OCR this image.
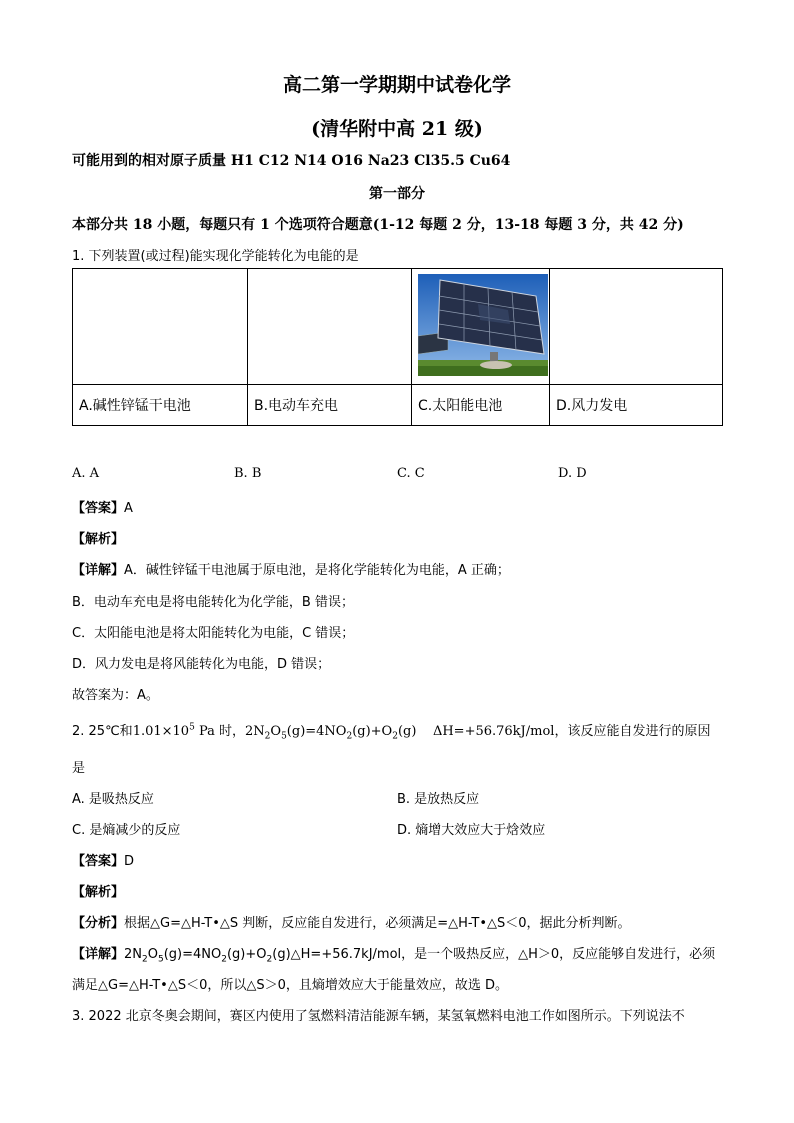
高二第一学期期中试卷化学
(清华附中高 21 级)
可能用到的相对原子质量 H1 C12 N14 O16 Na23 Cl35.5 Cu64
第一部分
本部分共 18 小题，每题只有 1 个选项符合题意(1-12 每题 2 分，13-18 每题 3 分，共 42 分)
1. 下列装置(或过程)能实现化学能转化为电能的是

A.碱性锌锰干电池	B.电动车充电	C.太阳能电池	D.风力发电
A. A	B. B	C. C	D. D
【答案】A
【解析】
【详解】A．碱性锌锰干电池属于原电池，是将化学能转化为电能，A 正确；
B．电动车充电是将电能转化为化学能，B 错误；
C．太阳能电池是将太阳能转化为电能，C 错误；
D．风力发电是将风能转化为电能，D 错误；
故答案为：A。
2. 25℃和$1.01\times 10^5$ Pa 时，$2N_2O_5(g)=4NO_2(g)+O_2(g)$    ΔH=+56.76kJ/mol，该反应能自发进行的原因
是
A. 是吸热反应	B. 是放热反应
C. 是熵减少的反应	D. 熵增大效应大于焓效应
【答案】D
【解析】
【分析】根据△G=△H-T•△S 判断，反应能自发进行，必须满足=△H-T•△S＜0，据此分析判断。
【详解】$2N_2O_5(g)=4NO_2(g)+O_2(g)\triangle H=+56.7kJ$/mol，是一个吸热反应，△H＞0，反应能够自发进行，必须
满足△G=△H-T•△S＜0，所以△S＞0，且熵增效应大于能量效应，故选 D。
3. 2022 北京冬奥会期间，赛区内使用了氢燃料清洁能源车辆，某氢氧燃料电池工作如图所示。下列说法不
